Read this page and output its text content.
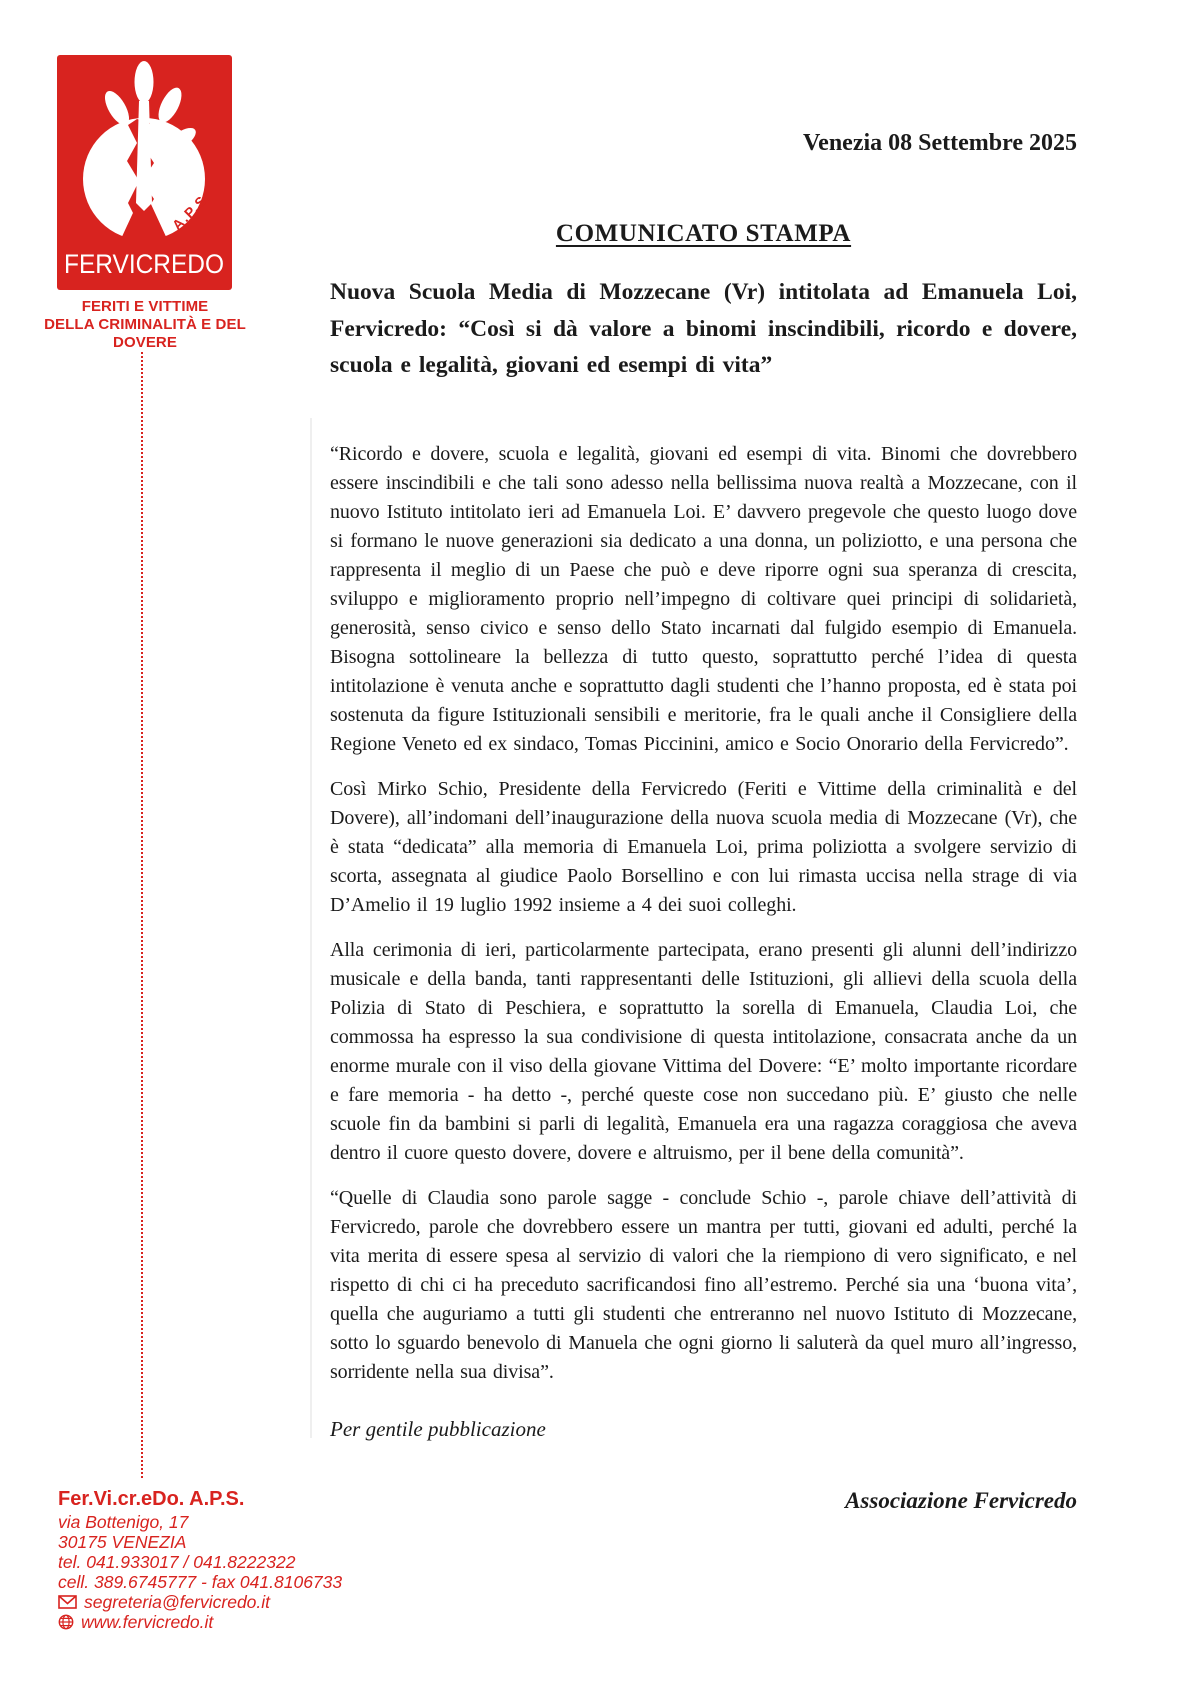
A.P.S.
FERVICREDO
FERITI E VITTIME
DELLA CRIMINALITÀ E DEL DOVERE
Venezia 08 Settembre 2025
COMUNICATO STAMPA
Nuova Scuola Media di Mozzecane (Vr) intitolata ad Emanuela Loi, Fervicredo: “Così si dà valore a binomi inscindibili, ricordo e dovere, scuola e legalità, giovani ed esempi di vita”

“Ricordo e dovere, scuola e legalità, giovani ed esempi di vita. Binomi che dovrebbero essere inscindibili e che tali sono adesso nella bellissima nuova realtà a Mozzecane, con il nuovo Istituto intitolato ieri ad Emanuela Loi. E’ davvero pregevole che questo luogo dove si formano le nuove generazioni sia dedicato a una donna, un poliziotto, e una persona che rappresenta il meglio di un Paese che può e deve riporre ogni sua speranza di crescita, sviluppo e miglioramento proprio nell’impegno di coltivare quei principi di solidarietà, generosità, senso civico e senso dello Stato incarnati dal fulgido esempio di Emanuela. Bisogna sottolineare la bellezza di tutto questo, soprattutto perché l’idea di questa intitolazione è venuta anche e soprattutto dagli studenti che l’hanno proposta, ed è stata poi sostenuta da figure Istituzionali sensibili e meritorie, fra le quali anche il Consigliere della Regione Veneto ed ex sindaco, Tomas Piccinini, amico e Socio Onorario della Fervicredo”.

Così Mirko Schio, Presidente della Fervicredo (Feriti e Vittime della criminalità e del Dovere), all’indomani dell’inaugurazione della nuova scuola media di Mozzecane (Vr), che è stata “dedicata” alla memoria di Emanuela Loi, prima poliziotta a svolgere servizio di scorta, assegnata al giudice Paolo Borsellino e con lui rimasta uccisa nella strage di via D’Amelio il 19 luglio 1992 insieme a 4 dei suoi colleghi.

Alla cerimonia di ieri, particolarmente partecipata, erano presenti gli alunni dell’indirizzo musicale e della banda, tanti rappresentanti delle Istituzioni, gli allievi della scuola della Polizia di Stato di Peschiera, e soprattutto la sorella di Emanuela, Claudia Loi, che commossa ha espresso la sua condivisione di questa intitolazione, consacrata anche da un enorme murale con il viso della giovane Vittima del Dovere: “E’ molto importante ricordare e fare memoria - ha detto -, perché queste cose non succedano più. E’ giusto che nelle scuole fin da bambini si parli di legalità, Emanuela era una ragazza coraggiosa che aveva dentro il cuore questo dovere, dovere e altruismo, per il bene della comunità”.

“Quelle di Claudia sono parole sagge - conclude Schio -, parole chiave dell’attività di Fervicredo, parole che dovrebbero essere un mantra per tutti, giovani ed adulti, perché la vita merita di essere spesa al servizio di valori che la riempiono di vero significato, e nel rispetto di chi ci ha preceduto sacrificandosi fino all’estremo. Perché sia una ‘buona vita’, quella che auguriamo a tutti gli studenti che entreranno nel nuovo Istituto di Mozzecane, sotto lo sguardo benevolo di Manuela che ogni giorno li saluterà da quel muro all’ingresso, sorridente nella sua divisa”.

Per gentile pubblicazione
Associazione Fervicredo
Fer.Vi.cr.eDo. A.P.S.
via Bottenigo, 17
30175 VENEZIA
tel. 041.933017 / 041.8222322
cell. 389.6745777 - fax 041.8106733
segreteria@fervicredo.it
www.fervicredo.it
